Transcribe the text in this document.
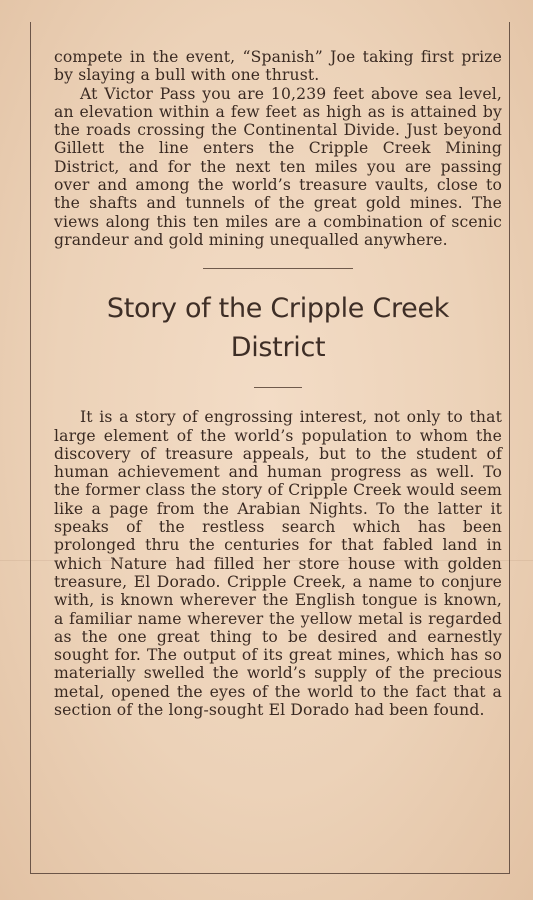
compete in the event, “Spanish” Joe taking first prize by slaying a bull with one thrust.

At Victor Pass you are 10,239 feet above sea level, an elevation within a few feet as high as is attained by the roads crossing the Continental Divide. Just beyond Gillett the line enters the Cripple Creek Mining District, and for the next ten miles you are passing over and among the world’s treasure vaults, close to the shafts and tunnels of the great gold mines. The views along this ten miles are a combination of scenic grandeur and gold mining unequalled anywhere.

Story of the Cripple Creek
District

It is a story of engrossing interest, not only to that large element of the world’s population to whom the discovery of treasure appeals, but to the student of human achievement and human progress as well. To the former class the story of Cripple Creek would seem like a page from the Arabian Nights. To the latter it speaks of the restless search which has been prolonged thru the centuries for that fabled land in which Nature had filled her store house with golden treasure, El Dorado. Cripple Creek, a name to conjure with, is known wherever the English tongue is known, a familiar name wherever the yellow metal is regarded as the one great thing to be desired and earnestly sought for. The output of its great mines, which has so materially swelled the world’s supply of the precious metal, opened the eyes of the world to the fact that a section of the long-sought El Dorado had been found.
